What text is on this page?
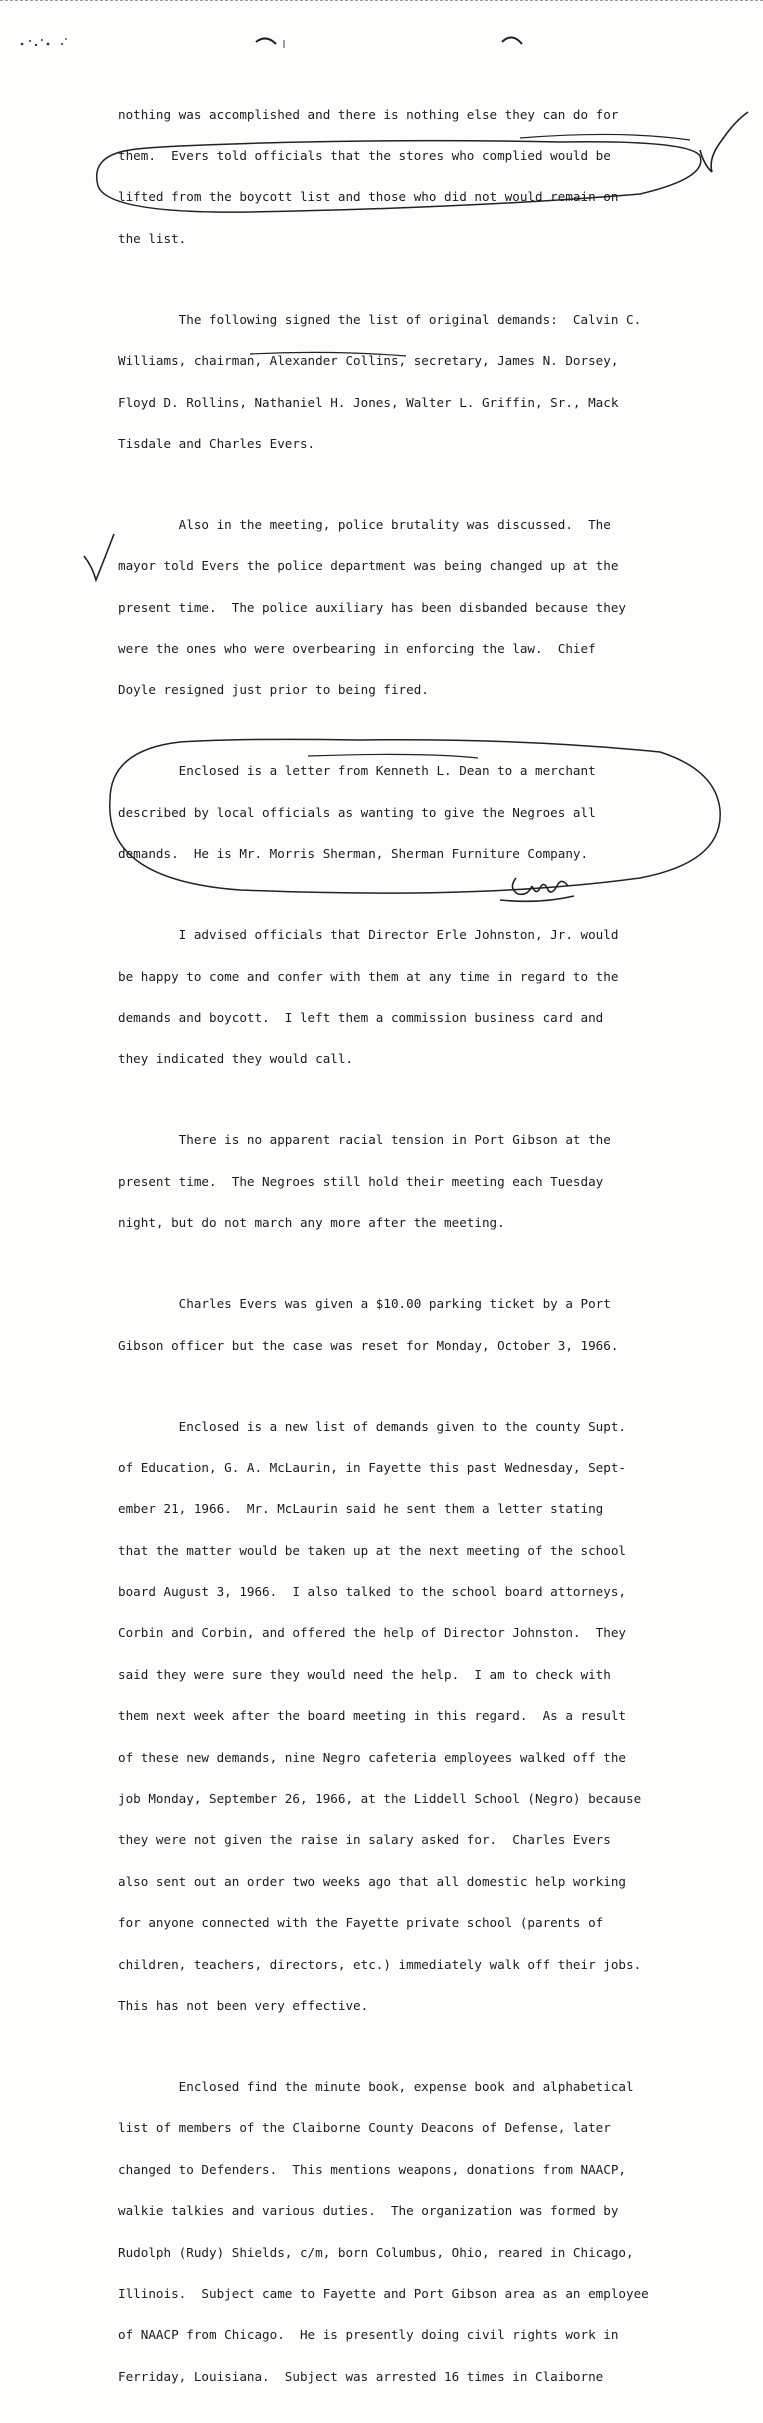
nothing was accomplished and there is nothing else they can do for

them.  Evers told officials that the stores who complied would be

lifted from the boycott list and those who did not would remain on

the list.

The following signed the list of original demands:  Calvin C.

Williams, chairman, Alexander Collins, secretary, James N. Dorsey,

Floyd D. Rollins, Nathaniel H. Jones, Walter L. Griffin, Sr., Mack

Tisdale and Charles Evers.

Also in the meeting, police brutality was discussed.  The

mayor told Evers the police department was being changed up at the

present time.  The police auxiliary has been disbanded because they

were the ones who were overbearing in enforcing the law.  Chief

Doyle resigned just prior to being fired.

Enclosed is a letter from Kenneth L. Dean to a merchant

described by local officials as wanting to give the Negroes all

demands.  He is Mr. Morris Sherman, Sherman Furniture Company.

I advised officials that Director Erle Johnston, Jr. would

be happy to come and confer with them at any time in regard to the

demands and boycott.  I left them a commission business card and

they indicated they would call.

There is no apparent racial tension in Port Gibson at the

present time.  The Negroes still hold their meeting each Tuesday

night, but do not march any more after the meeting.

Charles Evers was given a $10.00 parking ticket by a Port

Gibson officer but the case was reset for Monday, October 3, 1966.

Enclosed is a new list of demands given to the county Supt.

of Education, G. A. McLaurin, in Fayette this past Wednesday, Sept-

ember 21, 1966.  Mr. McLaurin said he sent them a letter stating

that the matter would be taken up at the next meeting of the school

board August 3, 1966.  I also talked to the school board attorneys,

Corbin and Corbin, and offered the help of Director Johnston.  They

said they were sure they would need the help.  I am to check with

them next week after the board meeting in this regard.  As a result

of these new demands, nine Negro cafeteria employees walked off the

job Monday, September 26, 1966, at the Liddell School (Negro) because

they were not given the raise in salary asked for.  Charles Evers

also sent out an order two weeks ago that all domestic help working

for anyone connected with the Fayette private school (parents of

children, teachers, directors, etc.) immediately walk off their jobs.

This has not been very effective.

Enclosed find the minute book, expense book and alphabetical

list of members of the Claiborne County Deacons of Defense, later

changed to Defenders.  This mentions weapons, donations from NAACP,

walkie talkies and various duties.  The organization was formed by

Rudolph (Rudy) Shields, c/m, born Columbus, Ohio, reared in Chicago,

Illinois.  Subject came to Fayette and Port Gibson area as an employee

of NAACP from Chicago.  He is presently doing civil rights work in

Ferriday, Louisiana.  Subject was arrested 16 times in Claiborne
